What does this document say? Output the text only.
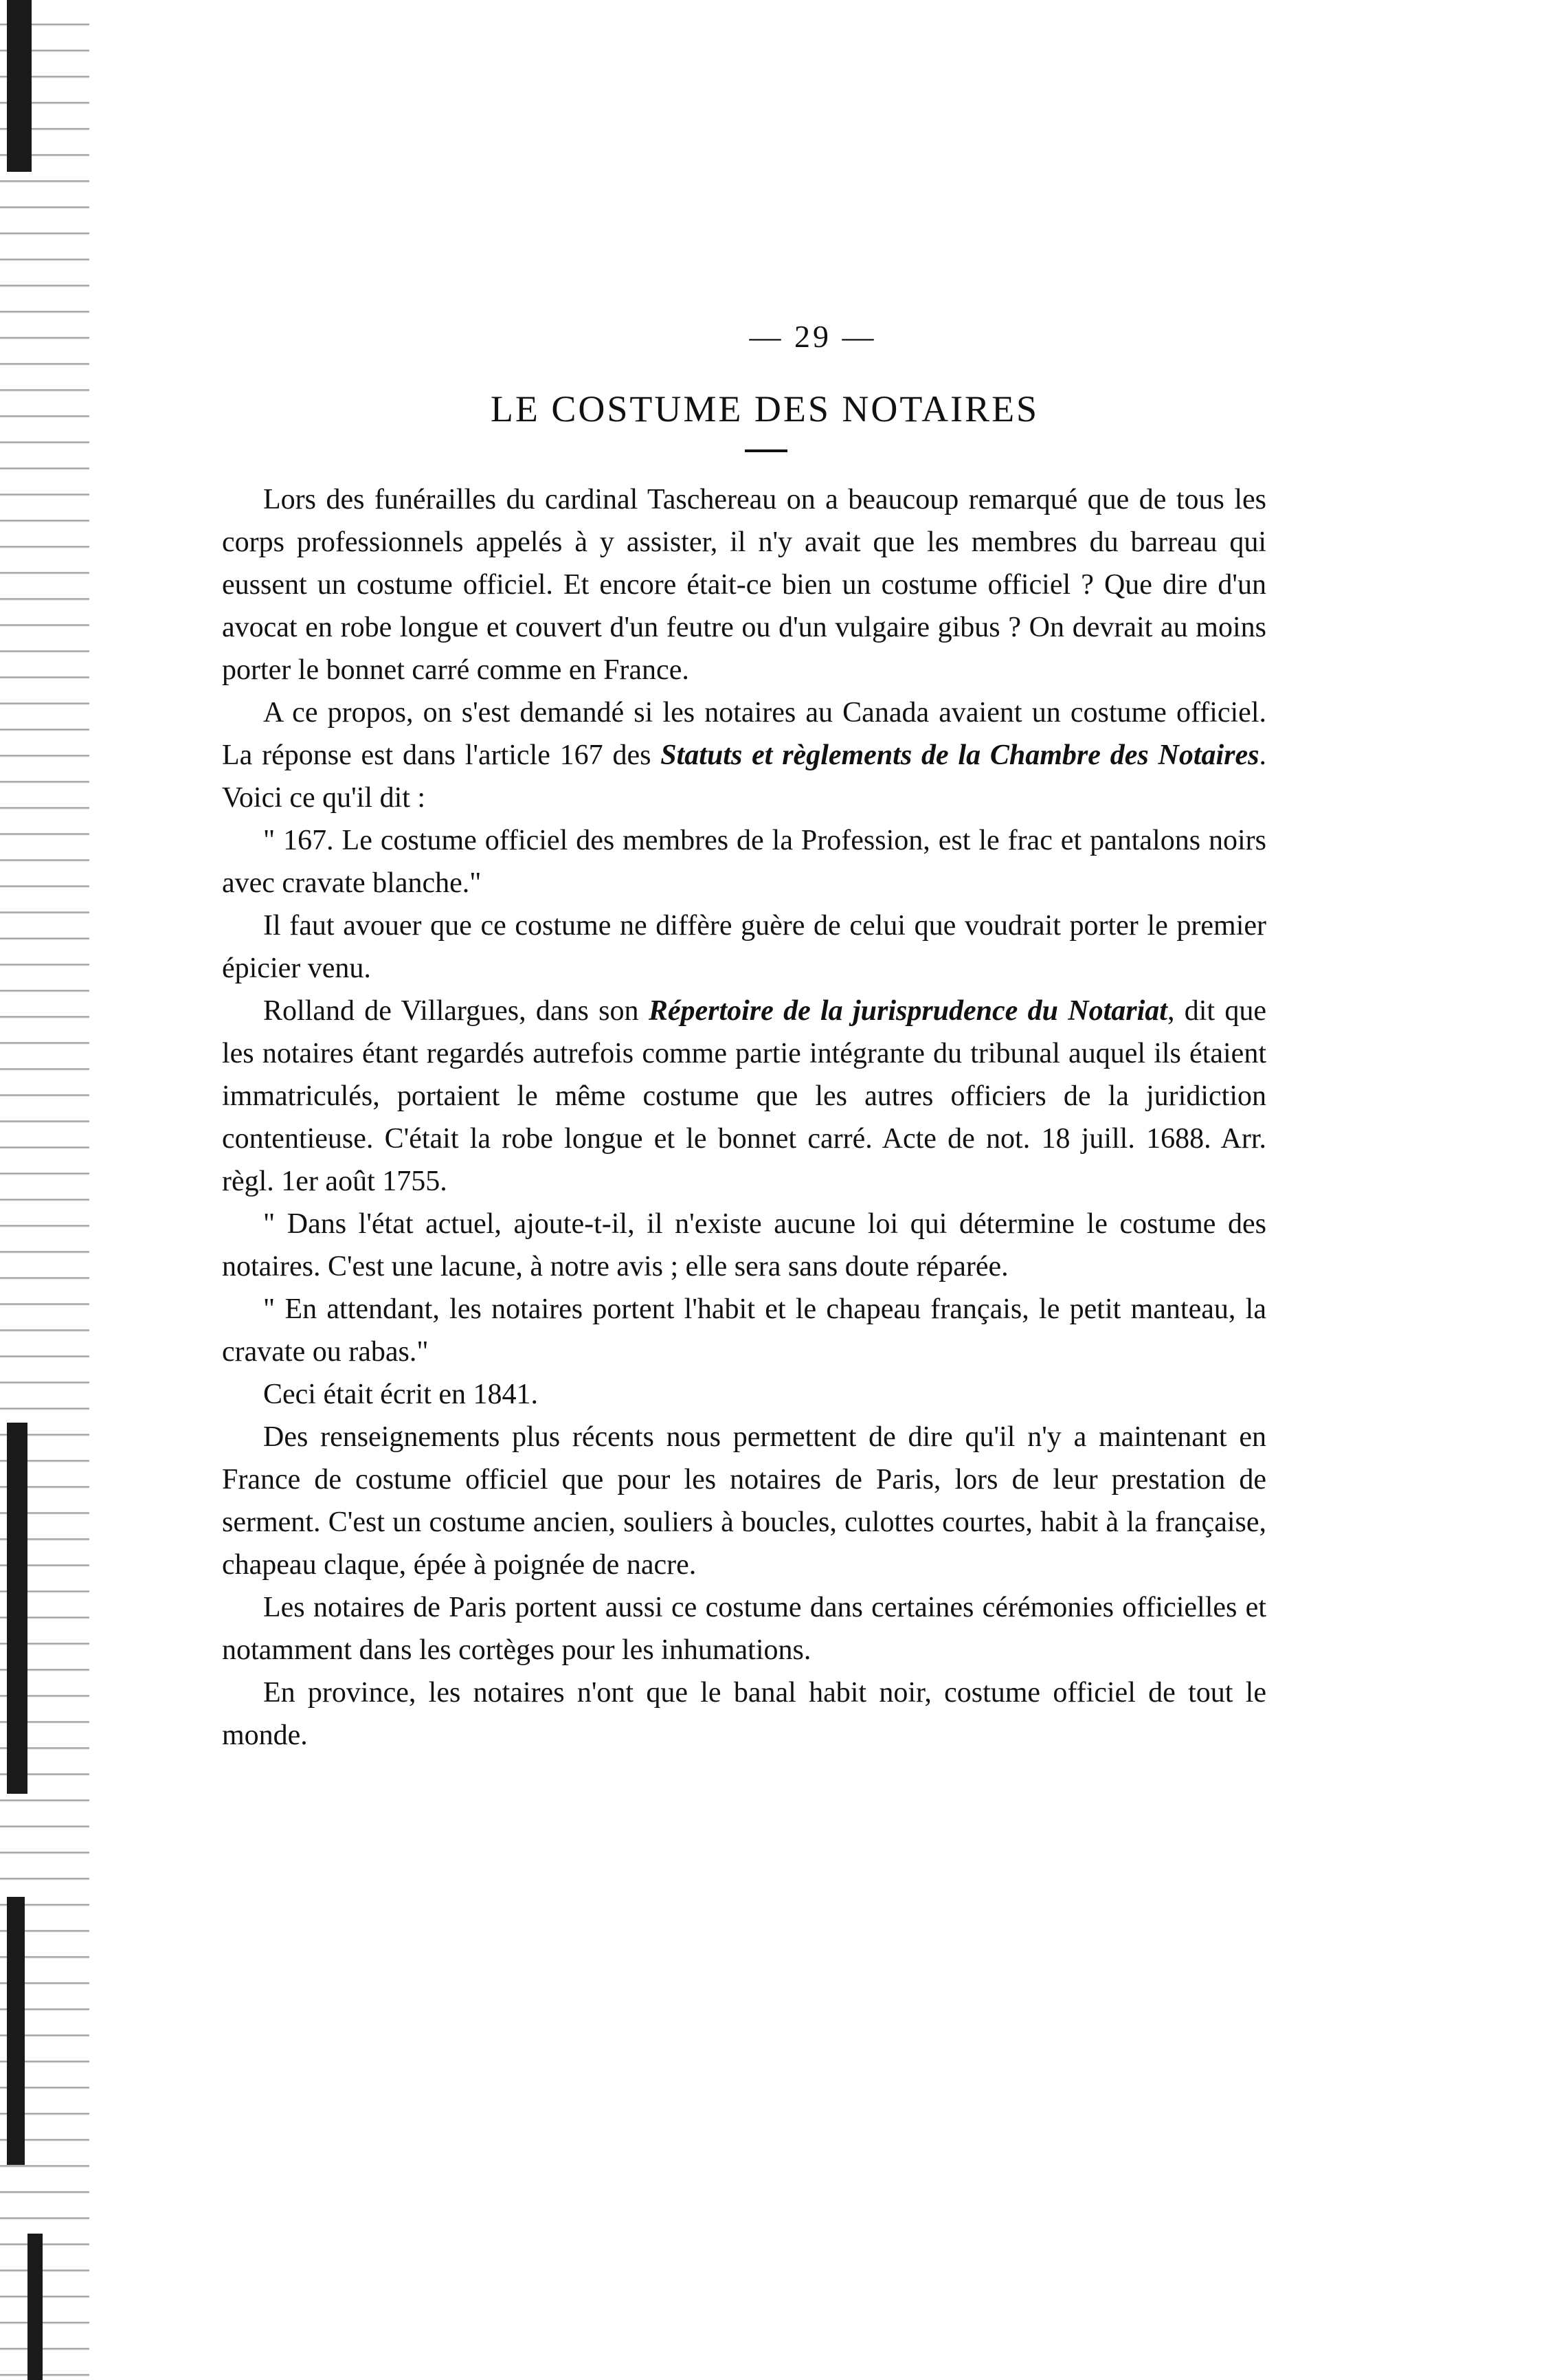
— 29 —
LE COSTUME DES NOTAIRES

Lors des funérailles du cardinal Taschereau on a beaucoup remarqué que de tous les corps professionnels appelés à y assister, il n'y avait que les membres du barreau qui eussent un costume officiel. Et encore était-ce bien un costume officiel ? Que dire d'un avocat en robe longue et couvert d'un feutre ou d'un vulgaire gibus ? On devrait au moins porter le bonnet carré comme en France.

A ce propos, on s'est demandé si les notaires au Canada avaient un costume officiel. La réponse est dans l'article 167 des Statuts et règlements de la Chambre des Notaires. Voici ce qu'il dit :

" 167. Le costume officiel des membres de la Profession, est le frac et pantalons noirs avec cravate blanche."

Il faut avouer que ce costume ne diffère guère de celui que voudrait porter le premier épicier venu.

Rolland de Villargues, dans son Répertoire de la jurisprudence du Notariat, dit que les notaires étant regardés autrefois comme partie intégrante du tribunal auquel ils étaient immatriculés, portaient le même costume que les autres officiers de la juridiction contentieuse. C'était la robe longue et le bonnet carré. Acte de not. 18 juill. 1688. Arr. règl. 1er août 1755.

" Dans l'état actuel, ajoute-t-il, il n'existe aucune loi qui détermine le costume des notaires. C'est une lacune, à notre avis ; elle sera sans doute réparée.

" En attendant, les notaires portent l'habit et le chapeau français, le petit manteau, la cravate ou rabas."

Ceci était écrit en 1841.

Des renseignements plus récents nous permettent de dire qu'il n'y a maintenant en France de costume officiel que pour les notaires de Paris, lors de leur prestation de serment. C'est un costume ancien, souliers à boucles, culottes courtes, habit à la française, chapeau claque, épée à poignée de nacre.

Les notaires de Paris portent aussi ce costume dans certaines cérémonies officielles et notamment dans les cortèges pour les inhumations.

En province, les notaires n'ont que le banal habit noir, costume officiel de tout le monde.
